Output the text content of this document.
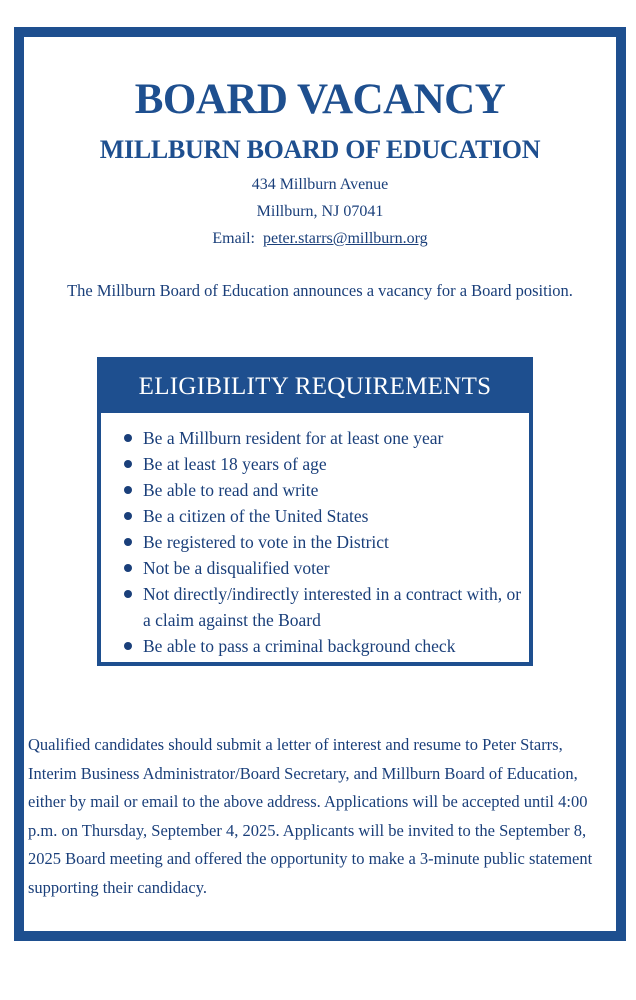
BOARD VACANCY
MILLBURN BOARD OF EDUCATION
434 Millburn Avenue
Millburn, NJ 07041
Email: peter.starrs@millburn.org
The Millburn Board of Education announces a vacancy for a Board position.
ELIGIBILITY REQUIREMENTS
Be a Millburn resident for at least one year
Be at least 18 years of age
Be able to read and write
Be a citizen of the United States
Be registered to vote in the District
Not be a disqualified voter
Not directly/indirectly interested in a contract with, or a claim against the Board
Be able to pass a criminal background check
Qualified candidates should submit a letter of interest and resume to Peter Starrs, Interim Business Administrator/Board Secretary, and Millburn Board of Education, either by mail or email to the above address. Applications will be accepted until 4:00 p.m. on Thursday, September 4, 2025. Applicants will be invited to the September 8, 2025 Board meeting and offered the opportunity to make a 3-minute public statement supporting their candidacy.
